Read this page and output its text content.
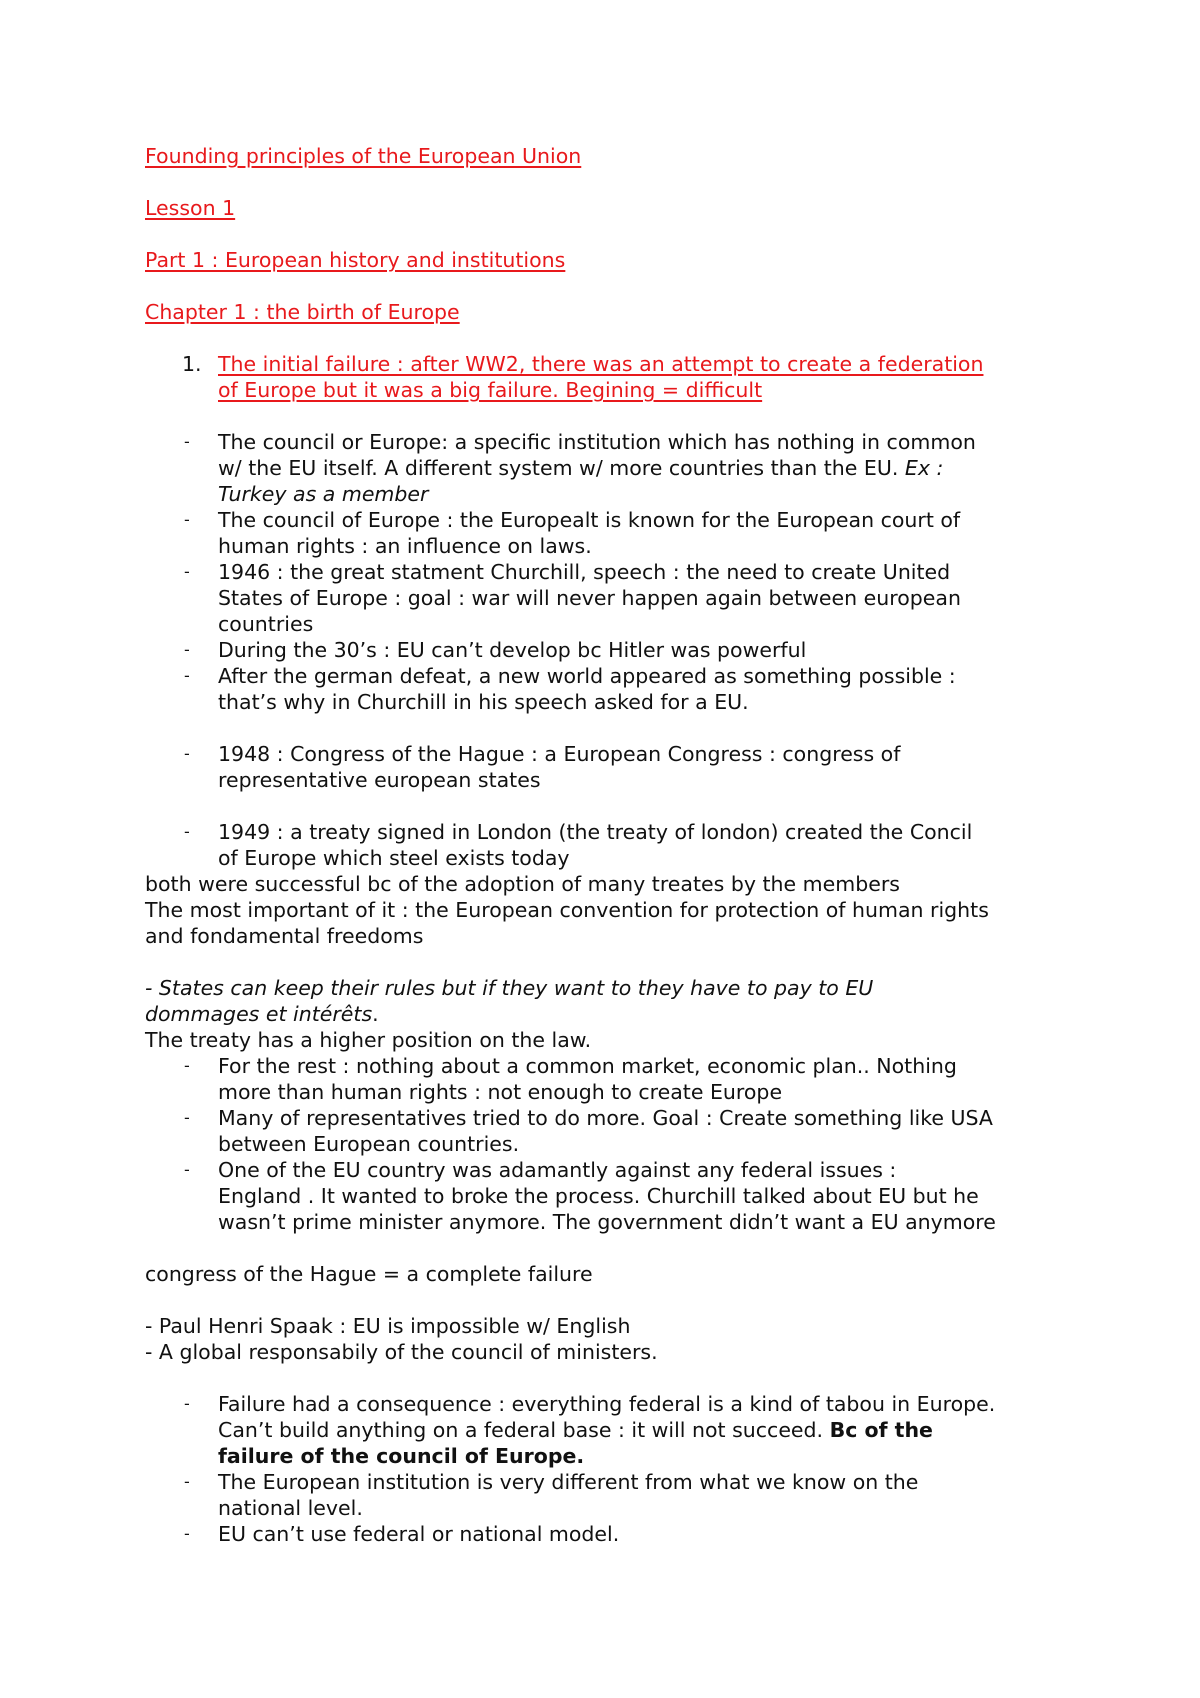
Founding principles of the European Union
Lesson 1
Part 1 : European history and institutions
Chapter 1 : the birth of Europe
1. The initial failure : after WW2, there was an attempt to create a federation
of Europe but it was a big failure. Begining = difficult
- The council or Europe: a specific institution which has nothing in common
w/ the EU itself. A different system w/ more countries than the EU. Ex :
Turkey as a member
- The council of Europe : the Europealt is known for the European court of
human rights : an influence on laws.
- 1946 : the great statment Churchill, speech : the need to create United
States of Europe : goal : war will never happen again between european
countries
- During the 30’s : EU can’t develop bc Hitler was powerful
- After the german defeat, a new world appeared as something possible :
that’s why in Churchill in his speech asked for a EU.
- 1948 : Congress of the Hague : a European Congress : congress of
representative european states
- 1949 : a treaty signed in London (the treaty of london) created the Concil
of Europe which steel exists today
both were successful bc of the adoption of many treates by the members
The most important of it : the European convention for protection of human rights
and fondamental freedoms
- States can keep their rules but if they want to they have to pay to EU
dommages et intérêts.
The treaty has a higher position on the law.
- For the rest : nothing about a common market, economic plan.. Nothing
more than human rights : not enough to create Europe
- Many of representatives tried to do more. Goal : Create something like USA
between European countries.
- One of the EU country was adamantly against any federal issues :
England . It wanted to broke the process. Churchill talked about EU but he
wasn’t prime minister anymore. The government didn’t want a EU anymore
congress of the Hague = a complete failure
- Paul Henri Spaak : EU is impossible w/ English
- A global responsabily of the council of ministers.
- Failure had a consequence : everything federal is a kind of tabou in Europe.
Can’t build anything on a federal base : it will not succeed. Bc of the
failure of the council of Europe.
- The European institution is very different from what we know on the
national level.
- EU can’t use federal or national model.
